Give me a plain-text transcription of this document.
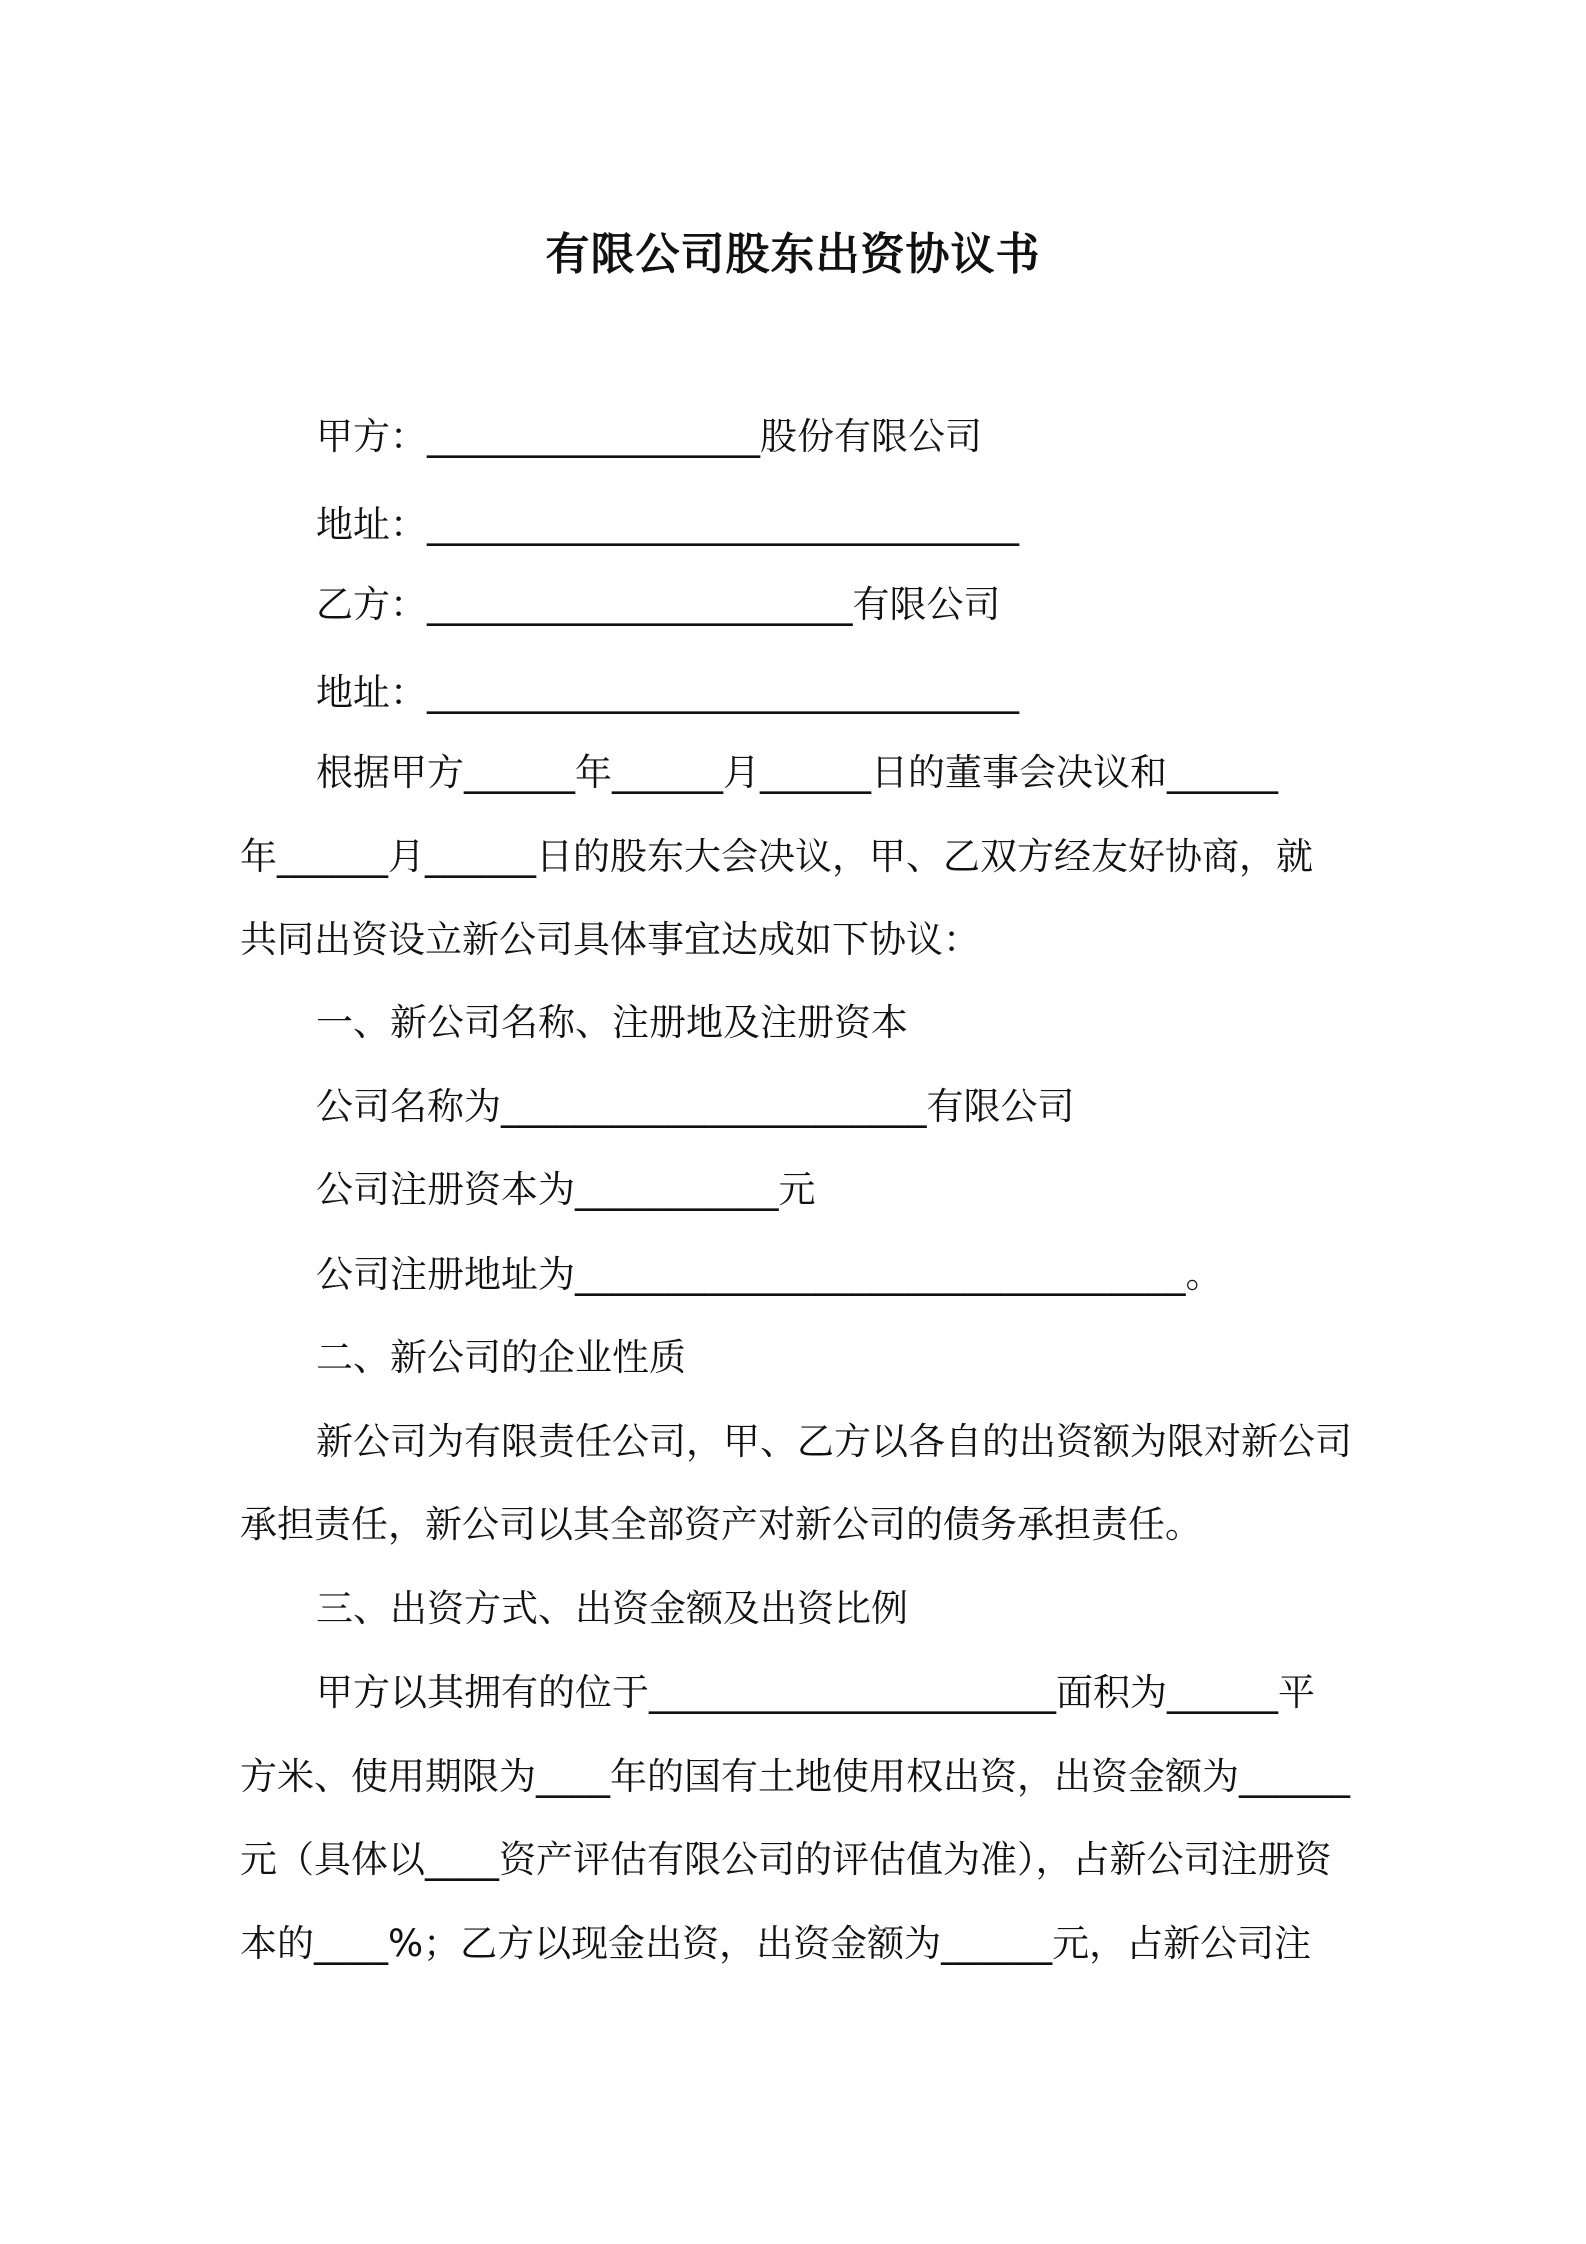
有限公司股东出资协议书
甲方：__________________股份有限公司
地址：________________________________
乙方：_______________________有限公司
地址：________________________________
根据甲方______年______月______日的董事会决议和______
年______月______日的股东大会决议，甲、乙双方经友好协商，就
共同出资设立新公司具体事宜达成如下协议：
一、新公司名称、注册地及注册资本
公司名称为_______________________有限公司
公司注册资本为___________元
公司注册地址为_________________________________。
二、新公司的企业性质
新公司为有限责任公司，甲、乙方以各自的出资额为限对新公司
承担责任，新公司以其全部资产对新公司的债务承担责任。
三、出资方式、出资金额及出资比例
甲方以其拥有的位于______________________面积为______平
方米、使用期限为____年的国有土地使用权出资，出资金额为______
元（具体以____资产评估有限公司的评估值为准），占新公司注册资
本的____%；乙方以现金出资，出资金额为______元，占新公司注
